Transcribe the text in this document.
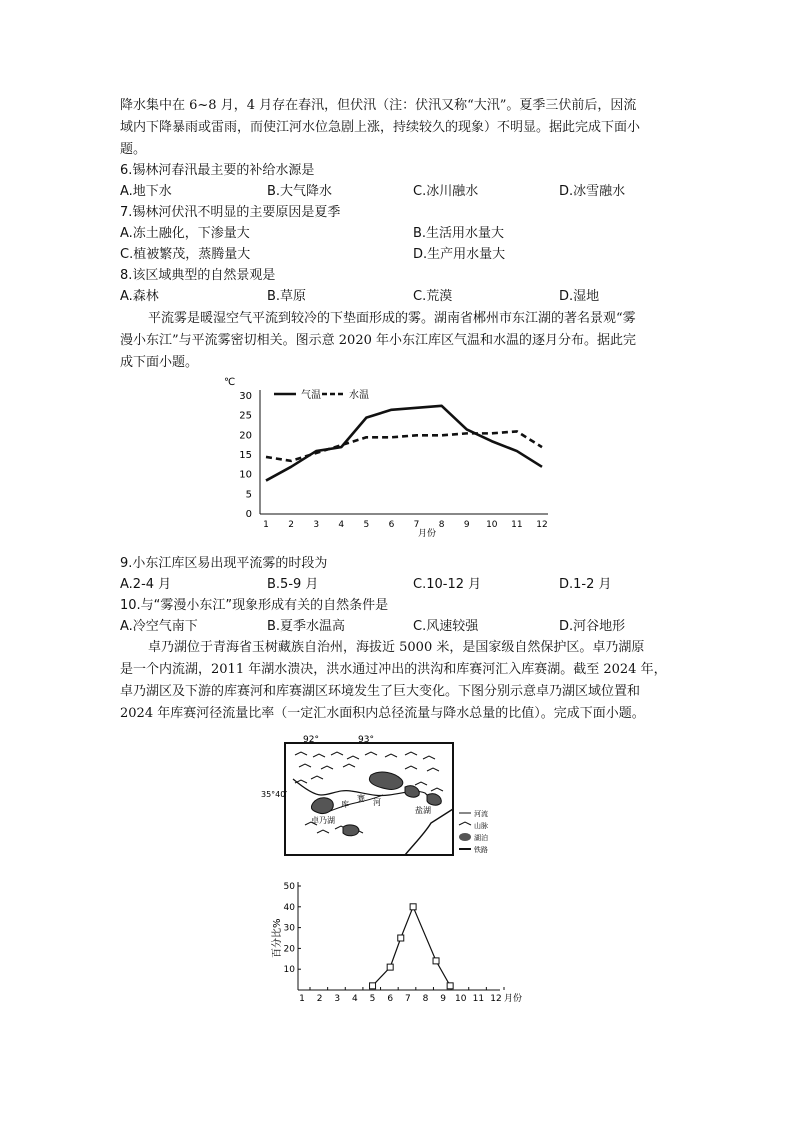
降水集中在 6~8 月，4 月存在春汛，但伏汛（注：伏汛又称“大汛”。夏季三伏前后，因流
域内下降暴雨或雷雨，而使江河水位急剧上涨，持续较久的现象）不明显。据此完成下面小
题。
6.锡林河春汛最主要的补给水源是
A.地下水	B.大气降水	C.冰川融水	D.冰雪融水
7.锡林河伏汛不明显的主要原因是夏季
A.冻土融化，下渗量大	B.生活用水量大
C.植被繁茂，蒸腾量大	D.生产用水量大
8.该区域典型的自然景观是
A.森林	B.草原	C.荒漠	D.湿地
平流雾是暖湿空气平流到较冷的下垫面形成的雾。湖南省郴州市东江湖的著名景观“雾
漫小东江”与平流雾密切相关。图示意 2020 年小东江库区气温和水温的逐月分布。据此完
成下面小题。
0
5
10
15
20
25
30
1 2 3 4 5 6 7 8 9 10 11 12
℃
月份
气温	水温
9.小东江库区易出现平流雾的时段为
A.2-4 月	B.5-9 月	C.10-12 月	D.1-2 月
10.与“雾漫小东江”现象形成有关的自然条件是
A.冷空气南下	B.夏季水温高	C.风速较强	D.河谷地形
卓乃湖位于青海省玉树藏族自治州，海拔近 5000 米，是国家级自然保护区。卓乃湖原
是一个内流湖，2011 年湖水溃决，洪水通过冲出的洪沟和库赛河汇入库赛湖。截至 2024 年，
卓乃湖区及下游的库赛河和库赛湖区环境发生了巨大变化。下图分别示意卓乃湖区域位置和
2024 年库赛河径流量比率（一定汇水面积内总径流量与降水总量的比值）。完成下面小题。
92°	93°
35°40′
卓乃湖
库
赛 河
盐湖	河流
山脉
湖泊
铁路
10
20
30
40
50
1 2 3 4 5 6 7 8 9 10 11 12
百分比%
月份
